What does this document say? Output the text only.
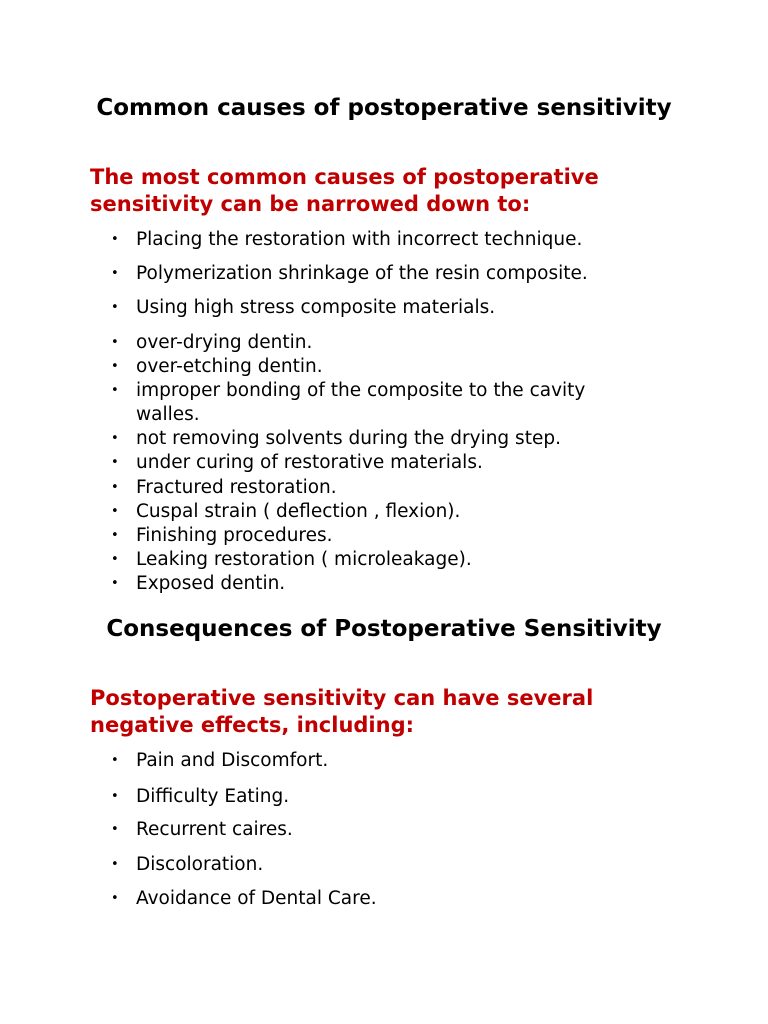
Common causes of postoperative sensitivity

The most common causes of postoperative sensitivity can be narrowed down to:

• Placing the restoration with incorrect technique.
• Polymerization shrinkage of the resin composite.
• Using high stress composite materials.
• over-drying dentin.
• over-etching dentin.
• improper bonding of the composite to the cavity walles.
• not removing solvents during the drying step.
• under curing of restorative materials.
• Fractured restoration.
• Cuspal strain ( deflection , flexion).
• Finishing procedures.
• Leaking restoration ( microleakage).
• Exposed dentin.
Consequences of Postoperative Sensitivity

Postoperative sensitivity can have several negative effects, including:

• Pain and Discomfort.
• Difficulty Eating.
• Recurrent caires.
• Discoloration.
• Avoidance of Dental Care.
